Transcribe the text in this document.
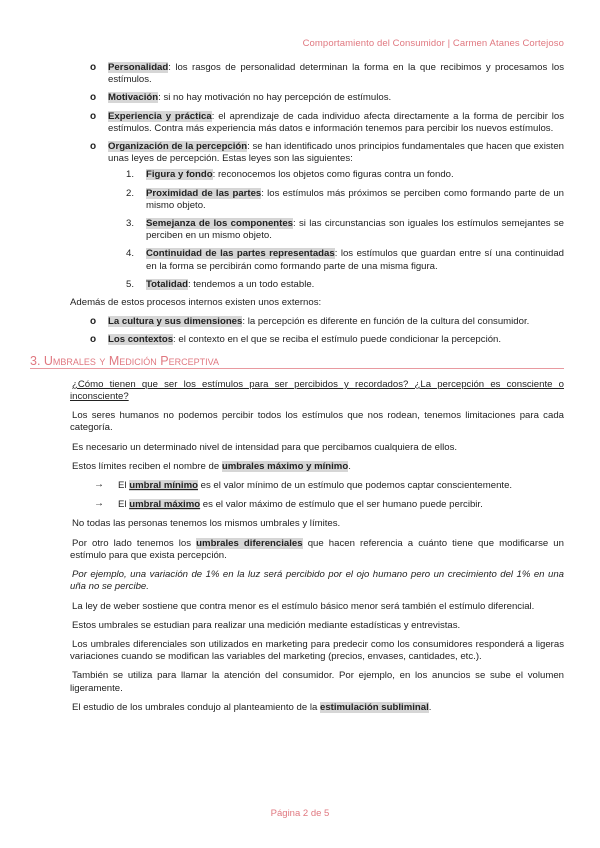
Comportamiento del Consumidor | Carmen Atanes Cortejoso
o Personalidad: los rasgos de personalidad determinan la forma en la que recibimos y procesamos los estímulos.
o Motivación: si no hay motivación no hay percepción de estímulos.
o Experiencia y práctica: el aprendizaje de cada individuo afecta directamente a la forma de percibir los estímulos. Contra más experiencia más datos e información tenemos para percibir los nuevos estímulos.
o Organización de la percepción: se han identificado unos principios fundamentales que hacen que existen unas leyes de percepción. Estas leyes son las siguientes:
1. Figura y fondo: reconocemos los objetos como figuras contra un fondo.
2. Proximidad de las partes: los estímulos más próximos se perciben como formando parte de un mismo objeto.
3. Semejanza de los componentes: si las circunstancias son iguales los estímulos semejantes se perciben en un mismo objeto.
4. Continuidad de las partes representadas: los estímulos que guardan entre sí una continuidad en la forma se percibirán como formando parte de una misma figura.
5. Totalidad: tendemos a un todo estable.

Además de estos procesos internos existen unos externos:

o La cultura y sus dimensiones: la percepción es diferente en función de la cultura del consumidor.
o Los contextos: el contexto en el que se reciba el estímulo puede condicionar la percepción.
3. Umbrales y Medición Perceptiva

¿Cómo tienen que ser los estímulos para ser percibidos y recordados? ¿La percepción es consciente o inconsciente?

Los seres humanos no podemos percibir todos los estímulos que nos rodean, tenemos limitaciones para cada categoría.

Es necesario un determinado nivel de intensidad para que percibamos cualquiera de ellos.

Estos límites reciben el nombre de umbrales máximo y mínimo.

→ El umbral mínimo es el valor mínimo de un estímulo que podemos captar conscientemente.
→ El umbral máximo es el valor máximo de estímulo que el ser humano puede percibir.

No todas las personas tenemos los mismos umbrales y límites.

Por otro lado tenemos los umbrales diferenciales que hacen referencia a cuánto tiene que modificarse un estímulo para que exista percepción.

Por ejemplo, una variación de 1% en la luz será percibido por el ojo humano pero un crecimiento del 1% en una uña no se percibe.

La ley de weber sostiene que contra menor es el estímulo básico menor será también el estímulo diferencial.

Estos umbrales se estudian para realizar una medición mediante estadísticas y entrevistas.

Los umbrales diferenciales son utilizados en marketing para predecir como los consumidores responderá a ligeras variaciones cuando se modifican las variables del marketing (precios, envases, cantidades, etc.).

También se utiliza para llamar la atención del consumidor. Por ejemplo, en los anuncios se sube el volumen ligeramente.

El estudio de los umbrales condujo al planteamiento de la estimulación subliminal.

Página 2 de 5
